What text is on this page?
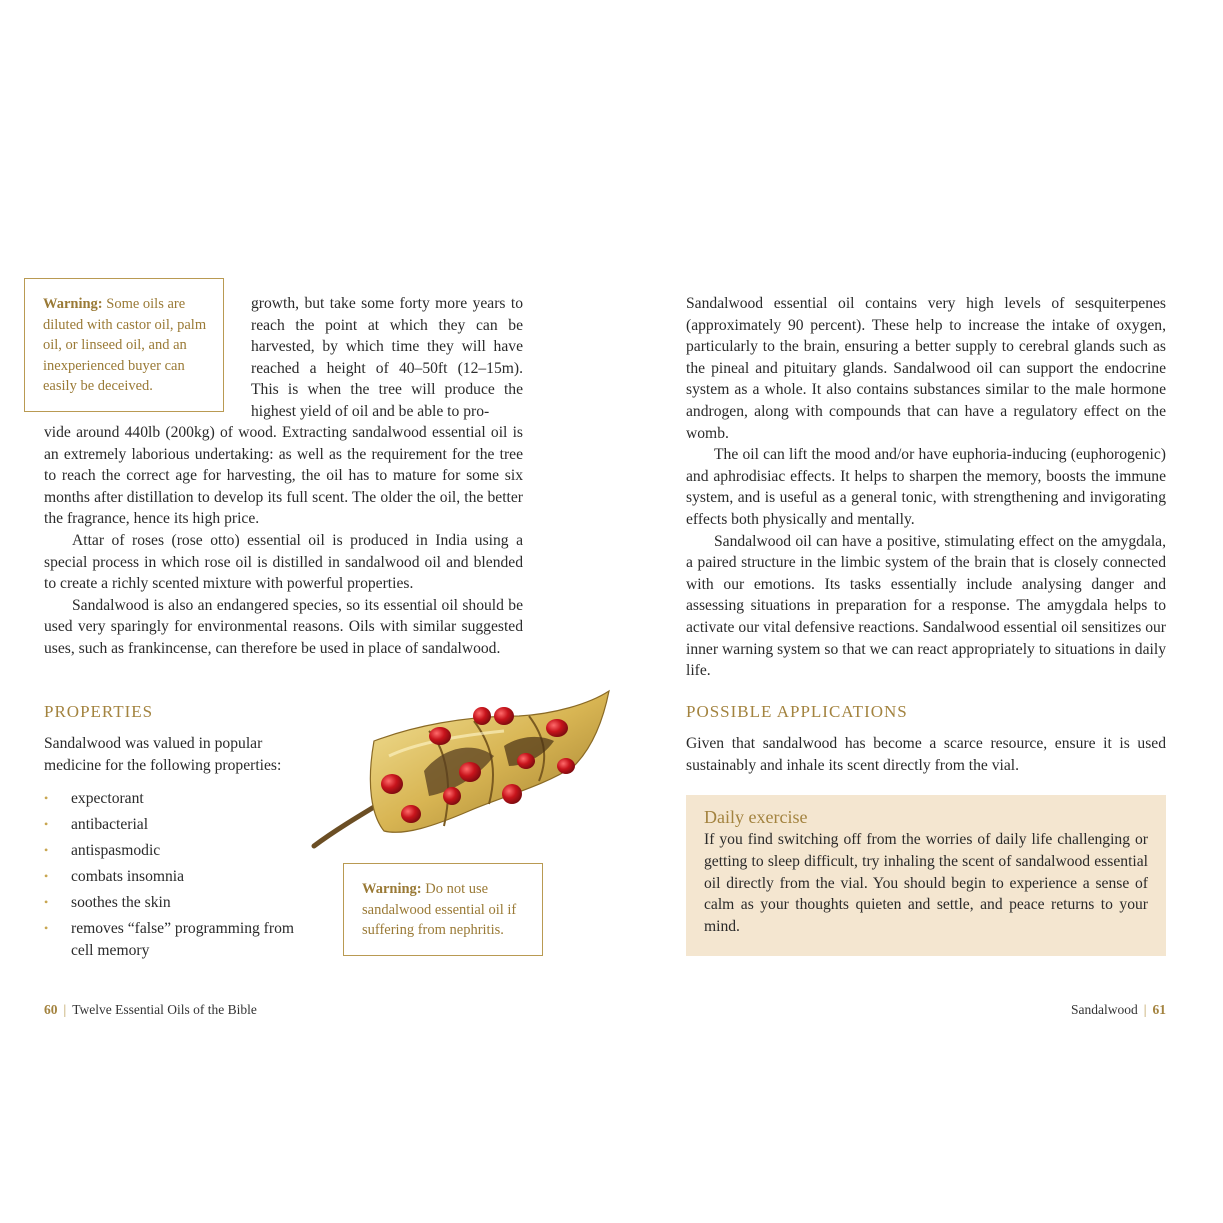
Warning: Some oils are diluted with castor oil, palm oil, or linseed oil, and an inexperienced buyer can easily be deceived.

growth, but take some forty more years to reach the point at which they can be harvested, by which time they will have reached a height of 40–50ft (12–15m). This is when the tree will produce the highest yield of oil and be able to pro-

vide around 440lb (200kg) of wood. Extracting sandalwood essential oil is an extremely laborious undertaking: as well as the requirement for the tree to reach the correct age for harvesting, the oil has to mature for some six months after distillation to develop its full scent. The older the oil, the better the fragrance, hence its high price.

Attar of roses (rose otto) essential oil is produced in India using a special process in which rose oil is distilled in sandalwood oil and blended to create a richly scented mixture with powerful properties.

Sandalwood is also an endangered species, so its essential oil should be used very sparingly for environmental reasons. Oils with similar suggested uses, such as frankincense, can therefore be used in place of sandalwood.

PROPERTIES

Sandalwood was valued in popular medicine for the following properties:

• expectorant
• antibacterial
• antispasmodic
• combats insomnia
• soothes the skin
• removes “false” programming from cell memory
Warning: Do not use sandalwood essential oil if suffering from nephritis.
60 | Twelve Essential Oils of the Bible

Sandalwood essential oil contains very high levels of sesquiterpenes (approximately 90 percent). These help to increase the intake of oxygen, particularly to the brain, ensuring a better supply to cerebral glands such as the pineal and pituitary glands. Sandalwood oil can support the endocrine system as a whole. It also contains substances similar to the male hormone androgen, along with compounds that can have a regulatory effect on the womb.

The oil can lift the mood and/or have euphoria-inducing (euphorogenic) and aphrodisiac effects. It helps to sharpen the memory, boosts the immune system, and is useful as a general tonic, with strengthening and invigorating effects both physically and mentally.

Sandalwood oil can have a positive, stimulating effect on the amygdala, a paired structure in the limbic system of the brain that is closely connected with our emotions. Its tasks essentially include analysing danger and assessing situations in preparation for a response. The amygdala helps to activate our vital defensive reactions. Sandalwood essential oil sensitizes our inner warning system so that we can react appropriately to situations in daily life.

POSSIBLE APPLICATIONS

Given that sandalwood has become a scarce resource, ensure it is used sustainably and inhale its scent directly from the vial.

Sandalwood | 61
Daily exercise

If you find switching off from the worries of daily life challenging or getting to sleep difficult, try inhaling the scent of sandalwood essential oil directly from the vial. You should begin to experience a sense of calm as your thoughts quieten and settle, and peace returns to your mind.
